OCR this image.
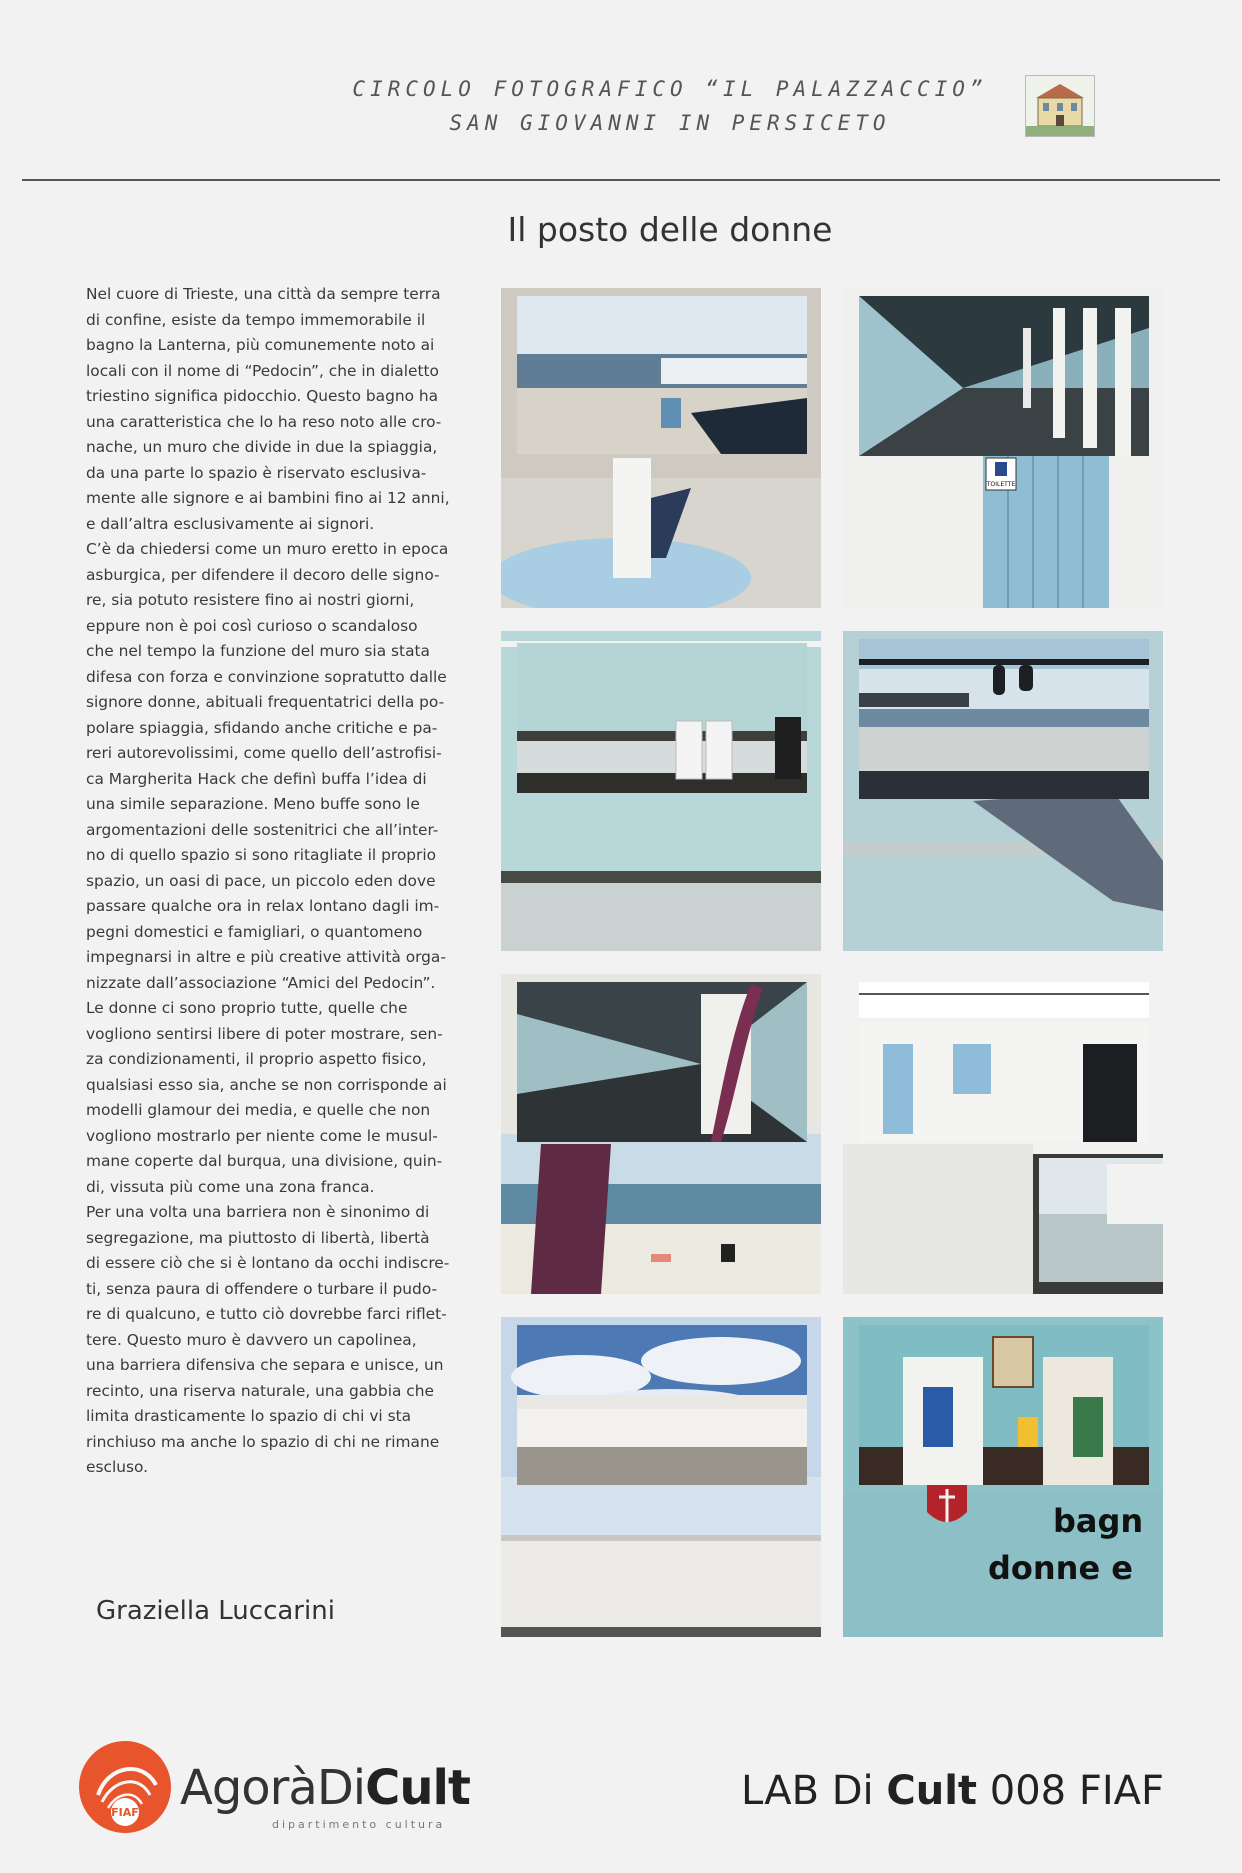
CIRCOLO FOTOGRAFICO “IL PALAZZACCIO”
SAN GIOVANNI IN PERSICETO
Il posto delle donne
Nel cuore di Trieste, una città da sempre terra
di confine, esiste da tempo immemorabile il
bagno la Lanterna, più comunemente noto ai
locali con il nome di “Pedocin”, che in dialetto
triestino significa pidocchio. Questo bagno ha
una caratteristica che lo ha reso noto alle cro-
nache, un muro che divide in due la spiaggia,
da una parte lo spazio è riservato esclusiva-
mente alle signore e ai bambini fino ai 12 anni,
e dall’altra esclusivamente ai signori.
C’è da chiedersi come un muro eretto in epoca
asburgica, per difendere il decoro delle signo-
re, sia potuto resistere fino ai nostri giorni,
eppure non è poi così curioso o scandaloso
che nel tempo la funzione del muro sia stata
difesa con forza e convinzione sopratutto dalle
signore donne, abituali frequentatrici della po-
polare spiaggia, sfidando anche critiche e pa-
reri autorevolissimi, come quello dell’astrofisi-
ca Margherita Hack che definì buffa l’idea di
una simile separazione. Meno buffe sono le
argomentazioni delle sostenitrici che all’inter-
no di quello spazio si sono ritagliate il proprio
spazio, un oasi di pace, un piccolo eden dove
passare qualche ora in relax lontano dagli im-
pegni domestici e famigliari, o quantomeno
impegnarsi in altre e più creative attività orga-
nizzate dall’associazione “Amici del Pedocin”.
Le donne ci sono proprio tutte, quelle che
vogliono sentirsi libere di poter mostrare, sen-
za condizionamenti, il proprio aspetto fisico,
qualsiasi esso sia, anche se non corrisponde ai
modelli glamour dei media, e quelle che non
vogliono mostrarlo per niente come le musul-
mane coperte dal burqua, una divisione, quin-
di, vissuta più come una zona franca.
Per una volta una barriera non è sinonimo di
segregazione, ma piuttosto di libertà, libertà
di essere ciò che si è lontano da occhi indiscre-
ti, senza paura di offendere o turbare il pudo-
re di qualcuno, e tutto ciò dovrebbe farci riflet-
tere. Questo muro è davvero un capolinea,
una barriera difensiva che separa e unisce, un
recinto, una riserva naturale, una gabbia che
limita drasticamente lo spazio di chi vi sta
rinchiuso ma anche lo spazio di chi ne rimane
escluso.
Graziella Luccarini
TOILETTE
bagn
donne e
FIAF AgoràDiCult
dipartimento cultura
LAB Di Cult 008 FIAF
